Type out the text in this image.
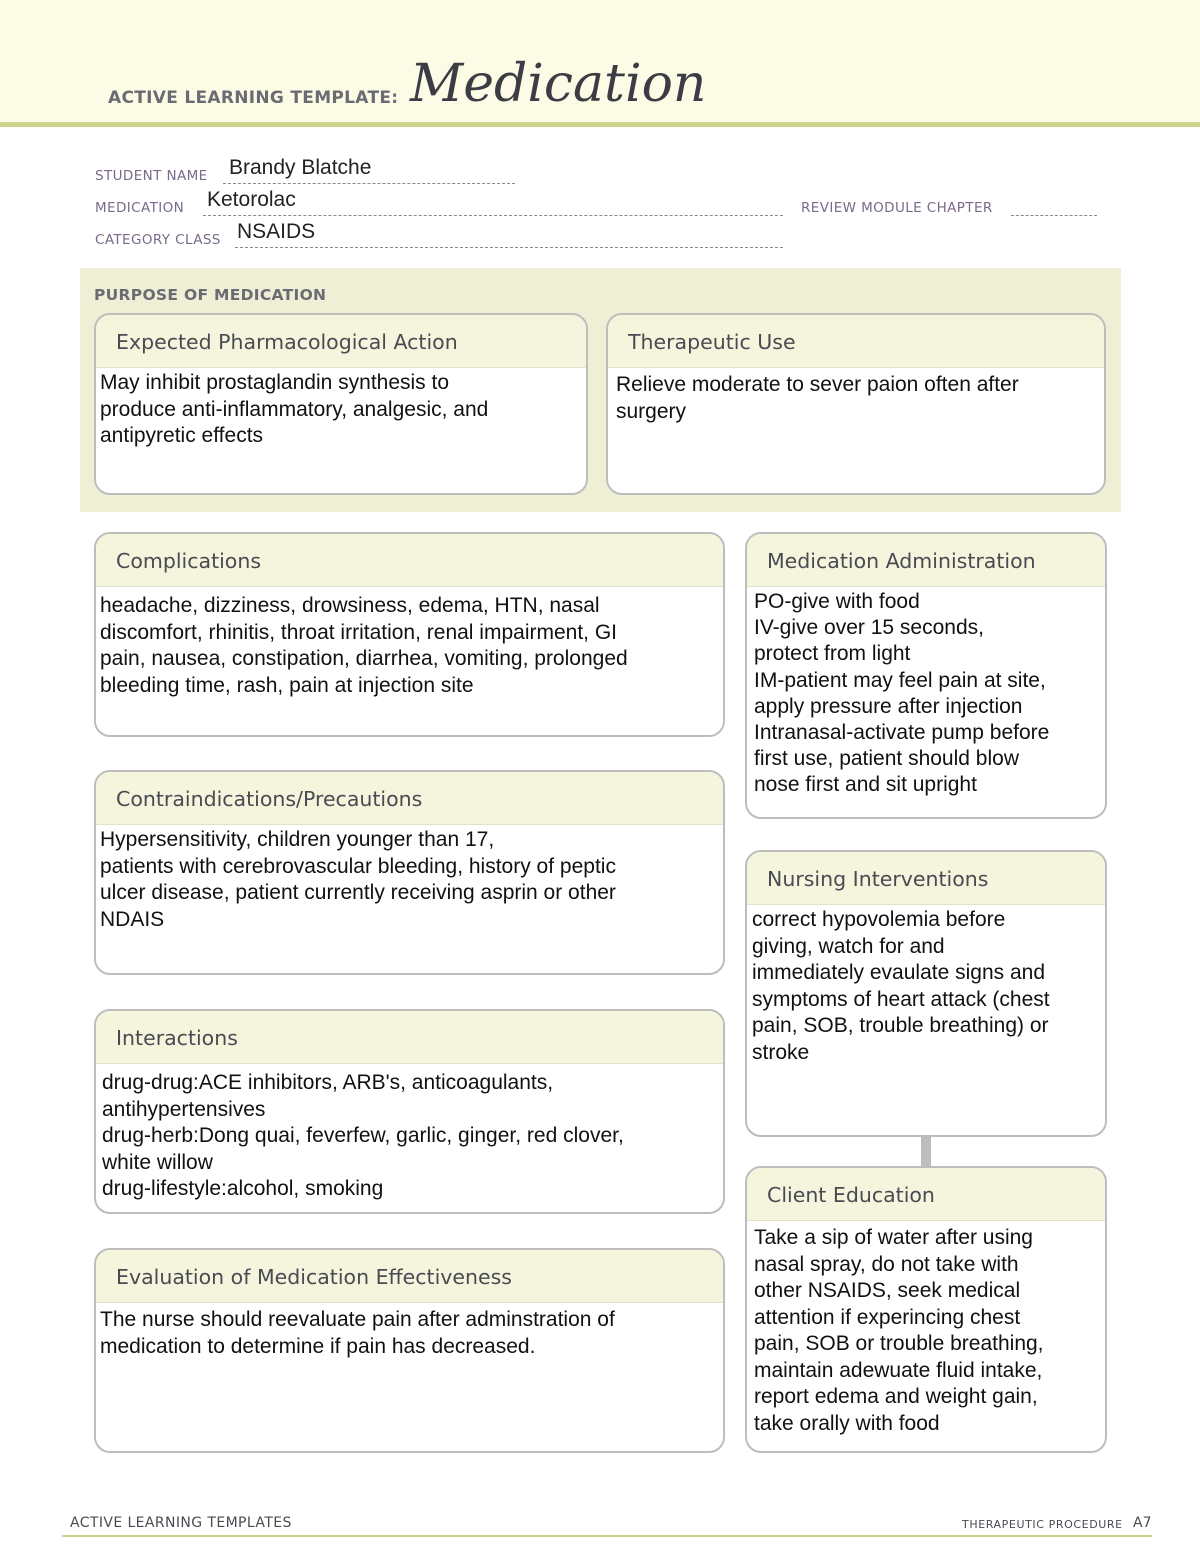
ACTIVE LEARNING TEMPLATE: Medication
STUDENT NAME Brandy Blatche
MEDICATION Ketorolac	REVIEW MODULE CHAPTER
CATEGORY CLASS NSAIDS
PURPOSE OF MEDICATION
Expected Pharmacological Action
May inhibit prostaglandin synthesis to
produce anti-inflammatory, analgesic, and
antipyretic effects
Therapeutic Use
Relieve moderate to sever paion often after
surgery
Complications
headache, dizziness, drowsiness, edema, HTN, nasal
discomfort, rhinitis, throat irritation, renal impairment, GI
pain, nausea, constipation, diarrhea, vomiting, prolonged
bleeding time, rash, pain at injection site
Contraindications/Precautions
Hypersensitivity, children younger than 17,
patients with cerebrovascular bleeding, history of peptic
ulcer disease, patient currently receiving asprin or other
NDAIS
Interactions
drug-drug:ACE inhibitors, ARB's, anticoagulants,
antihypertensives
drug-herb:Dong quai, feverfew, garlic, ginger, red clover,
white willow
drug-lifestyle:alcohol, smoking
Evaluation of Medication Effectiveness
The nurse should reevaluate pain after adminstration of
medication to determine if pain has decreased.
Medication Administration
PO-give with food
IV-give over 15 seconds,
protect from light
IM-patient may feel pain at site,
apply pressure after injection
Intranasal-activate pump before
first use, patient should blow
nose first and sit upright
Nursing Interventions
correct hypovolemia before
giving, watch for and
immediately evaulate signs and
symptoms of heart attack (chest
pain, SOB, trouble breathing) or
stroke
Client Education
Take a sip of water after using
nasal spray, do not take with
other NSAIDS, seek medical
attention if experincing chest
pain, SOB or trouble breathing,
maintain adewuate fluid intake,
report edema and weight gain,
take orally with food
ACTIVE LEARNING TEMPLATES	THERAPEUTIC PROCEDURE A7
